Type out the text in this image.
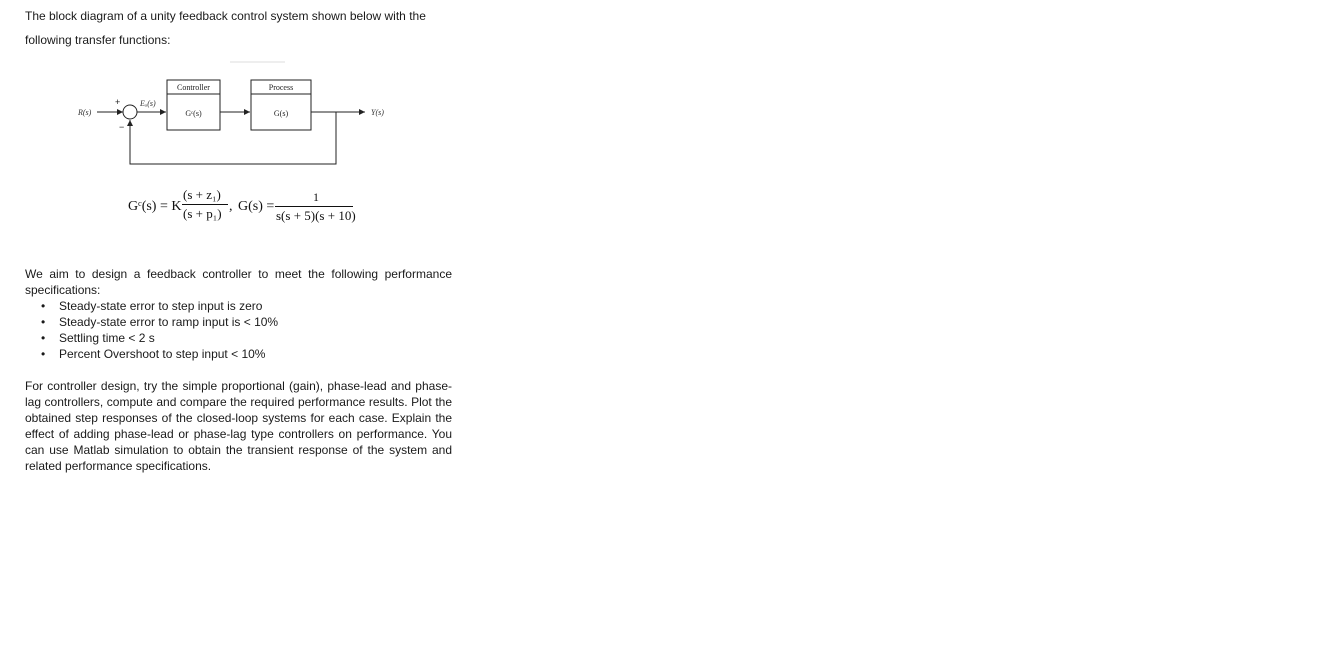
The block diagram of a unity feedback control system shown below with the

following transfer functions:

R(s)
+
−
Eₐ(s)
Controller
Gᶜ(s)
Process
G(s)	Y(s)
Gᶜ(s) = K
(s + z₁)
(s + p₁) , G(s) =
1
s(s + 5)(s + 10)

We aim to design a feedback controller to meet the following performance specifications:

• Steady-state error to step input is zero
• Steady-state error to ramp input is < 10%
• Settling time < 2 s
• Percent Overshoot to step input < 10%

For controller design, try the simple proportional (gain), phase-lead and phase-lag controllers, compute and compare the required performance results. Plot the obtained step responses of the closed-loop systems for each case. Explain the effect of adding phase-lead or phase-lag type controllers on performance. You can use Matlab simulation to obtain the transient response of the system and related performance specifications.
